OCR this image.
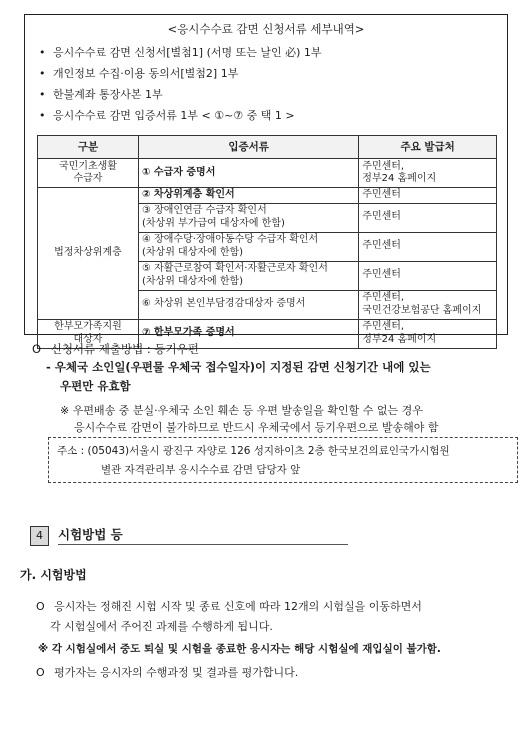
<응시수수료 감면 신청서류 세부내역>
• 응시수수료 감면 신청서[별첨1] (서명 또는 날인 必) 1부
• 개인정보 수집·이용 동의서[별첨2] 1부
• 한불계좌 통장사본 1부
• 응시수수료 감면 입증서류 1부 < ①~⑦ 중 택 1 >
구분	입증서류	주요 발급처
국민기초생활
수급자	① 수급자 증명서	주민센터,
정부24 홈페이지
법정차상위계층	② 차상위계층 확인서	주민센터
	③ 장애인연금 수급자 확인서
(차상위 부가급여 대상자에 한함)	주민센터
	④ 장애수당·장애아동수당 수급자 확인서
(차상위 대상자에 한함)	주민센터
	⑤ 자활근로참여 확인서·자활근로자 확인서
(차상위 대상자에 한함)	주민센터
	⑥ 차상위 본인부담경감대상자 증명서	주민센터,
국민건강보험공단 홈페이지
한부모가족지원
대상자	⑦ 한부모가족 증명서	주민센터,
정부24 홈페이지
O 신청서류 제출방법 : 등기우편
- 우체국 소인일(우편물 우체국 접수일자)이 지정된 감면 신청기간 내에 있는
우편만 유효함
※ 우편배송 중 분실·우체국 소인 훼손 등 우편 발송일을 확인할 수 없는 경우
응시수수료 감면이 불가하므로 반드시 우체국에서 등기우편으로 발송해야 함
주소 : (05043)서울시 광진구 자양로 126 성지하이츠 2층 한국보건의료인국가시험원
별관 자격관리부 응시수수료 감면 담당자 앞
4	시험방법 등
가. 시험방법
O 응시자는 정해진 시험 시작 및 종료 신호에 따라 12개의 시험실을 이동하면서
각 시험실에서 주어진 과제를 수행하게 됩니다.
※ 각 시험실에서 중도 퇴실 및 시험을 종료한 응시자는 해당 시험실에 재입실이 불가함.
O 평가자는 응시자의 수행과정 및 결과를 평가합니다.
